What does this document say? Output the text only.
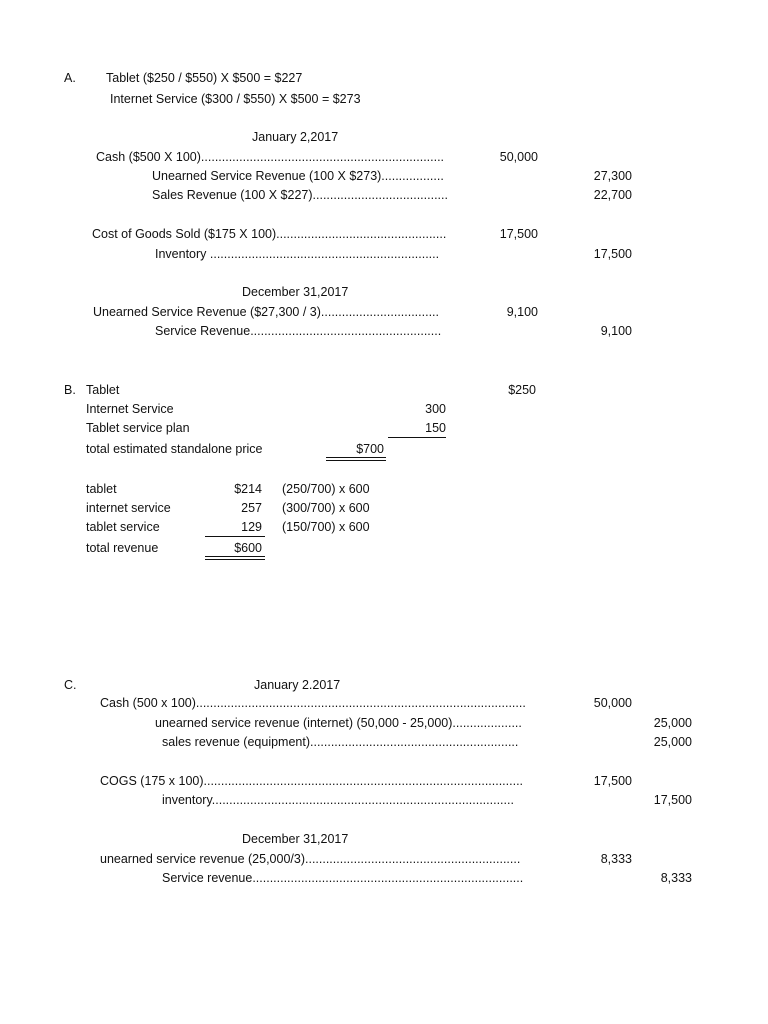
A. Tablet ($250 / $550) X $500 = $227
Internet Service ($300 / $550) X $500 = $273
January 2,2017
Cash ($500 X 100)......................................................................	50,000
Unearned Service Revenue (100 X $273)..................	27,300
Sales Revenue (100 X $227).......................................	22,700
Cost of Goods Sold ($175 X 100).................................................	17,500
Inventory ..................................................................	17,500
December 31,2017
Unearned Service Revenue ($27,300 / 3)..................................	9,100
Service Revenue.......................................................	9,100
B. Tablet	$250
Internet Service	300
Tablet service plan	150
total estimated standalone price	$700
tablet	$214 (250/700) x 600
internet service	257 (300/700) x 600
tablet service	129 (150/700) x 600
total revenue	$600
C.	January 2.2017
Cash (500 x 100)...............................................................................................	50,000
unearned service revenue (internet) (50,000 - 25,000)....................	25,000
sales revenue (equipment)............................................................	25,000
COGS (175 x 100)............................................................................................	17,500
inventory.......................................................................................	17,500
December 31,2017
unearned service revenue (25,000/3)..............................................................	8,333
Service revenue..............................................................................	8,333
